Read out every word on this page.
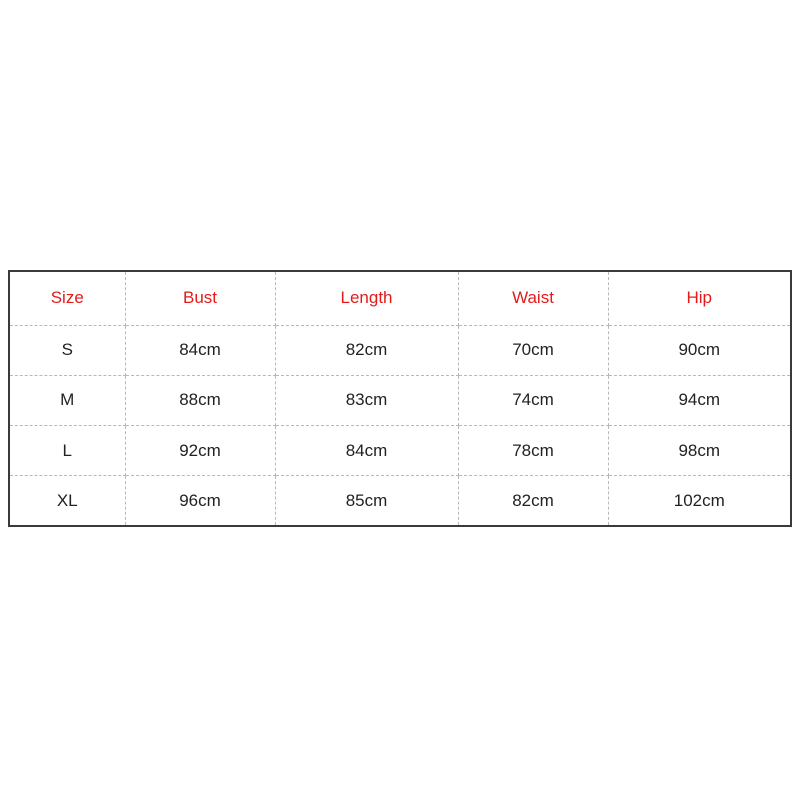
Size	Bust	Length	Waist	Hip
S	84cm	82cm	70cm	90cm
M	88cm	83cm	74cm	94cm
L	92cm	84cm	78cm	98cm
XL	96cm	85cm	82cm	102cm
